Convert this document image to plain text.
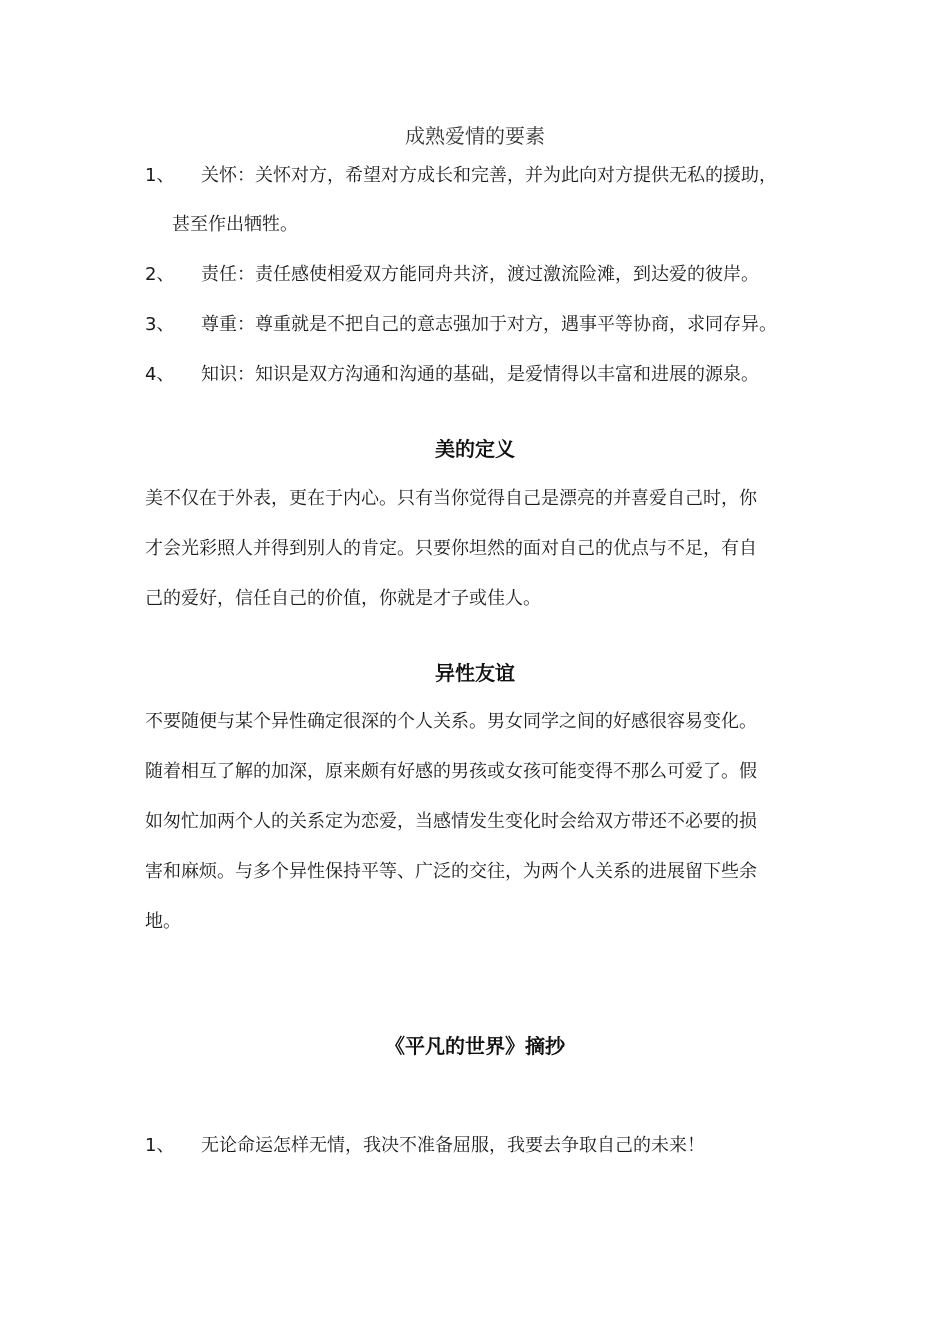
成熟爱情的要素
1、 关怀：关怀对方，希望对方成长和完善，并为此向对方提供无私的援助，
甚至作出牺牲。
2、 责任：责任感使相爱双方能同舟共济，渡过激流险滩，到达爱的彼岸。
3、 尊重：尊重就是不把自己的意志强加于对方，遇事平等协商，求同存异。
4、 知识：知识是双方沟通和沟通的基础，是爱情得以丰富和进展的源泉。
美的定义
美不仅在于外表，更在于内心。只有当你觉得自己是漂亮的并喜爱自己时，你
才会光彩照人并得到别人的肯定。只要你坦然的面对自己的优点与不足，有自
己的爱好，信任自己的价值，你就是才子或佳人。
异性友谊
不要随便与某个异性确定很深的个人关系。男女同学之间的好感很容易变化。
随着相互了解的加深，原来颇有好感的男孩或女孩可能变得不那么可爱了。假
如匆忙加两个人的关系定为恋爱，当感情发生变化时会给双方带还不必要的损
害和麻烦。与多个异性保持平等、广泛的交往，为两个人关系的进展留下些余
地。
《平凡的世界》摘抄
1、 无论命运怎样无情，我决不准备屈服，我要去争取自己的未来！
